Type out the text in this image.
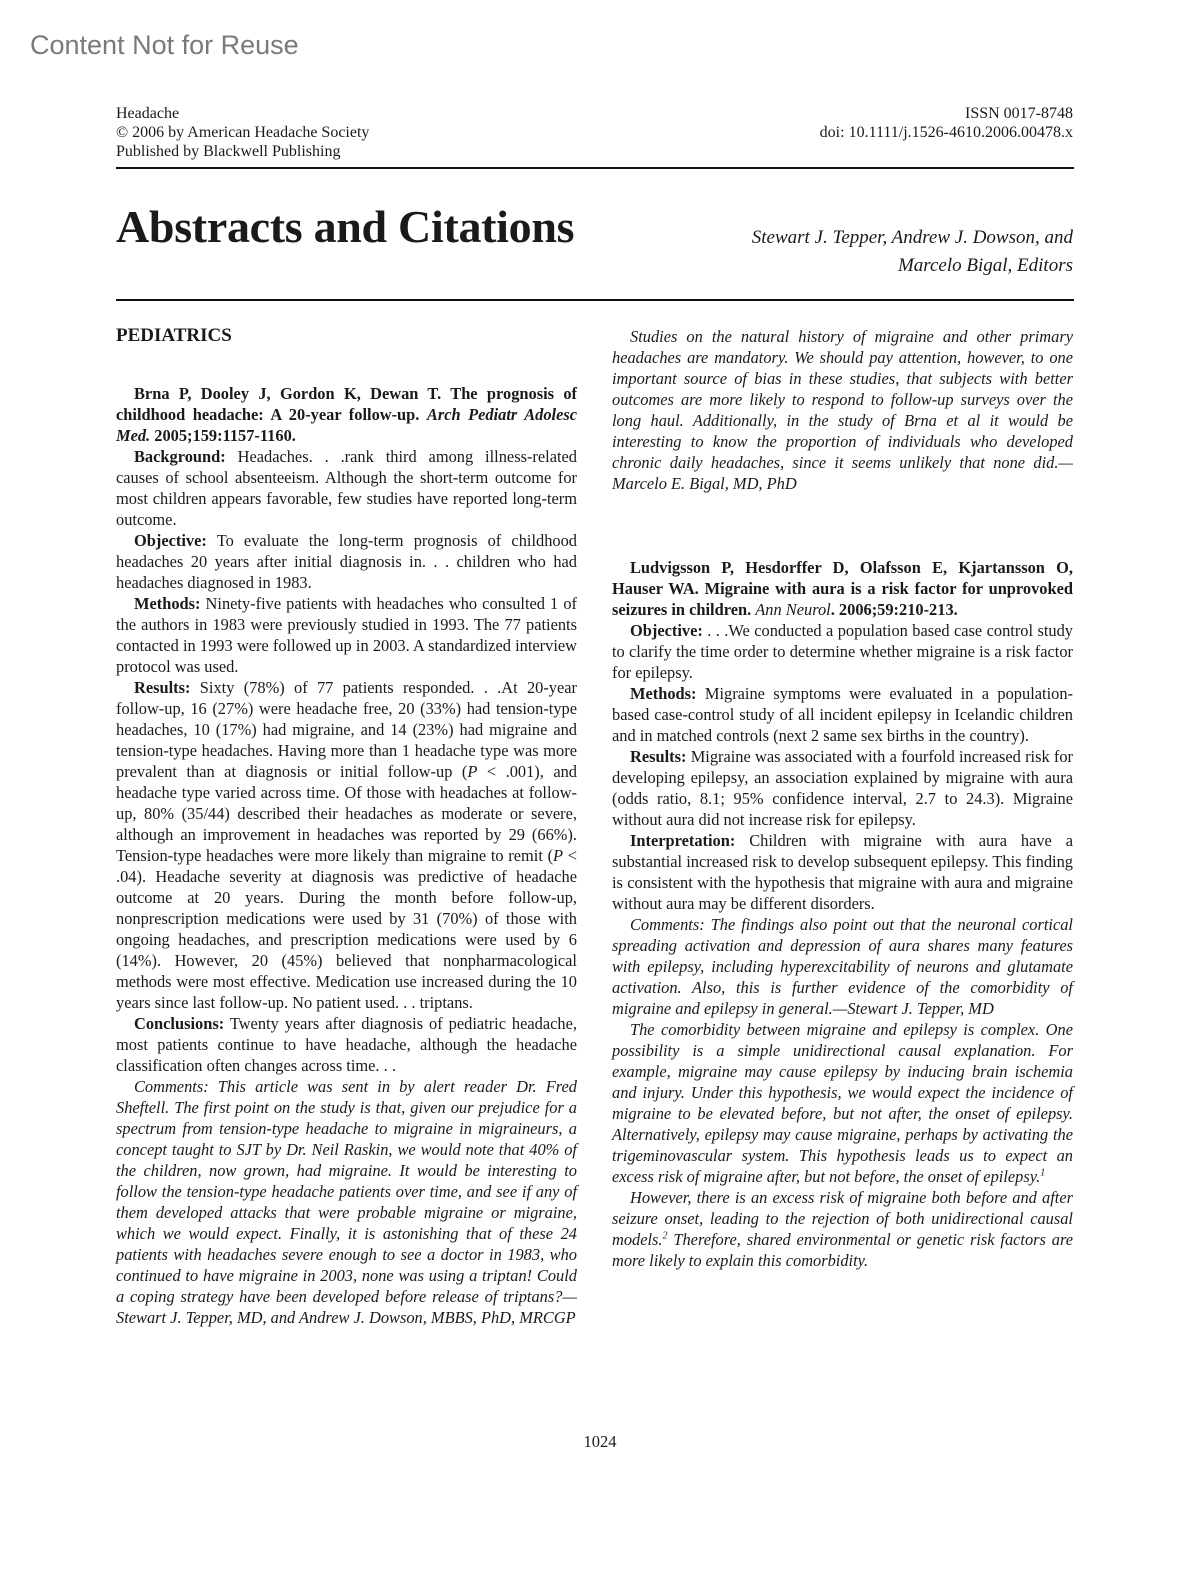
Content Not for Reuse
Headache
© 2006 by American Headache Society
Published by Blackwell Publishing
ISSN 0017-8748
doi: 10.1111/j.1526-4610.2006.00478.x
Abstracts and Citations	Stewart J. Tepper, Andrew J. Dowson, and
Marcelo Bigal, Editors

PEDIATRICS

Brna P, Dooley J, Gordon K, Dewan T. The prognosis of childhood headache: A 20-year follow-up. Arch Pediatr Adolesc Med. 2005;159:1157-1160.

Background: Headaches. . .rank third among illness-related causes of school absenteeism. Although the short-term outcome for most children appears favorable, few studies have reported long-term outcome.

Objective: To evaluate the long-term prognosis of childhood headaches 20 years after initial diagnosis in. . . children who had headaches diagnosed in 1983.

Methods: Ninety-five patients with headaches who consulted 1 of the authors in 1983 were previously studied in 1993. The 77 patients contacted in 1993 were followed up in 2003. A standardized interview protocol was used.

Results: Sixty (78%) of 77 patients responded. . .At 20-year follow-up, 16 (27%) were headache free, 20 (33%) had tension-type headaches, 10 (17%) had migraine, and 14 (23%) had migraine and tension-type headaches. Having more than 1 headache type was more prevalent than at diagnosis or initial follow-up (P < .001), and headache type varied across time. Of those with headaches at follow-up, 80% (35/44) described their headaches as moderate or severe, although an improvement in headaches was reported by 29 (66%). Tension-type headaches were more likely than migraine to remit (P < .04). Headache severity at diagnosis was predictive of headache outcome at 20 years. During the month before follow-up, nonprescription medications were used by 31 (70%) of those with ongoing headaches, and prescription medications were used by 6 (14%). However, 20 (45%) believed that nonpharmacological methods were most effective. Medication use increased during the 10 years since last follow-up. No patient used. . . triptans.

Conclusions: Twenty years after diagnosis of pediatric headache, most patients continue to have headache, although the headache classification often changes across time. . .

Comments: This article was sent in by alert reader Dr. Fred Sheftell. The first point on the study is that, given our prejudice for a spectrum from tension-type headache to migraine in migraineurs, a concept taught to SJT by Dr. Neil Raskin, we would note that 40% of the children, now grown, had migraine. It would be interesting to follow the tension-type headache patients over time, and see if any of them developed attacks that were probable migraine or migraine, which we would expect. Finally, it is astonishing that of these 24 patients with headaches severe enough to see a doctor in 1983, who continued to have migraine in 2003, none was using a triptan! Could a coping strategy have been developed before release of triptans?—Stewart J. Tepper, MD, and Andrew J. Dowson, MBBS, PhD, MRCGP

Studies on the natural history of migraine and other primary headaches are mandatory. We should pay attention, however, to one important source of bias in these studies, that subjects with better outcomes are more likely to respond to follow-up surveys over the long haul. Additionally, in the study of Brna et al it would be interesting to know the proportion of individuals who developed chronic daily headaches, since it seems unlikely that none did.—Marcelo E. Bigal, MD, PhD

Ludvigsson P, Hesdorffer D, Olafsson E, Kjartansson O, Hauser WA. Migraine with aura is a risk factor for unprovoked seizures in children. Ann Neurol. 2006;59:210-213.

Objective: . . .We conducted a population based case control study to clarify the time order to determine whether migraine is a risk factor for epilepsy.

Methods: Migraine symptoms were evaluated in a population-based case-control study of all incident epilepsy in Icelandic children and in matched controls (next 2 same sex births in the country).

Results: Migraine was associated with a fourfold increased risk for developing epilepsy, an association explained by migraine with aura (odds ratio, 8.1; 95% confidence interval, 2.7 to 24.3). Migraine without aura did not increase risk for epilepsy.

Interpretation: Children with migraine with aura have a substantial increased risk to develop subsequent epilepsy. This finding is consistent with the hypothesis that migraine with aura and migraine without aura may be different disorders.

Comments: The findings also point out that the neuronal cortical spreading activation and depression of aura shares many features with epilepsy, including hyperexcitability of neurons and glutamate activation. Also, this is further evidence of the comorbidity of migraine and epilepsy in general.—Stewart J. Tepper, MD

The comorbidity between migraine and epilepsy is complex. One possibility is a simple unidirectional causal explanation. For example, migraine may cause epilepsy by inducing brain ischemia and injury. Under this hypothesis, we would expect the incidence of migraine to be elevated before, but not after, the onset of epilepsy. Alternatively, epilepsy may cause migraine, perhaps by activating the trigeminovascular system. This hypothesis leads us to expect an excess risk of migraine after, but not before, the onset of epilepsy.$^1$

However, there is an excess risk of migraine both before and after seizure onset, leading to the rejection of both unidirectional causal models.$^2$ Therefore, shared environmental or genetic risk factors are more likely to explain this comorbidity.

1024
